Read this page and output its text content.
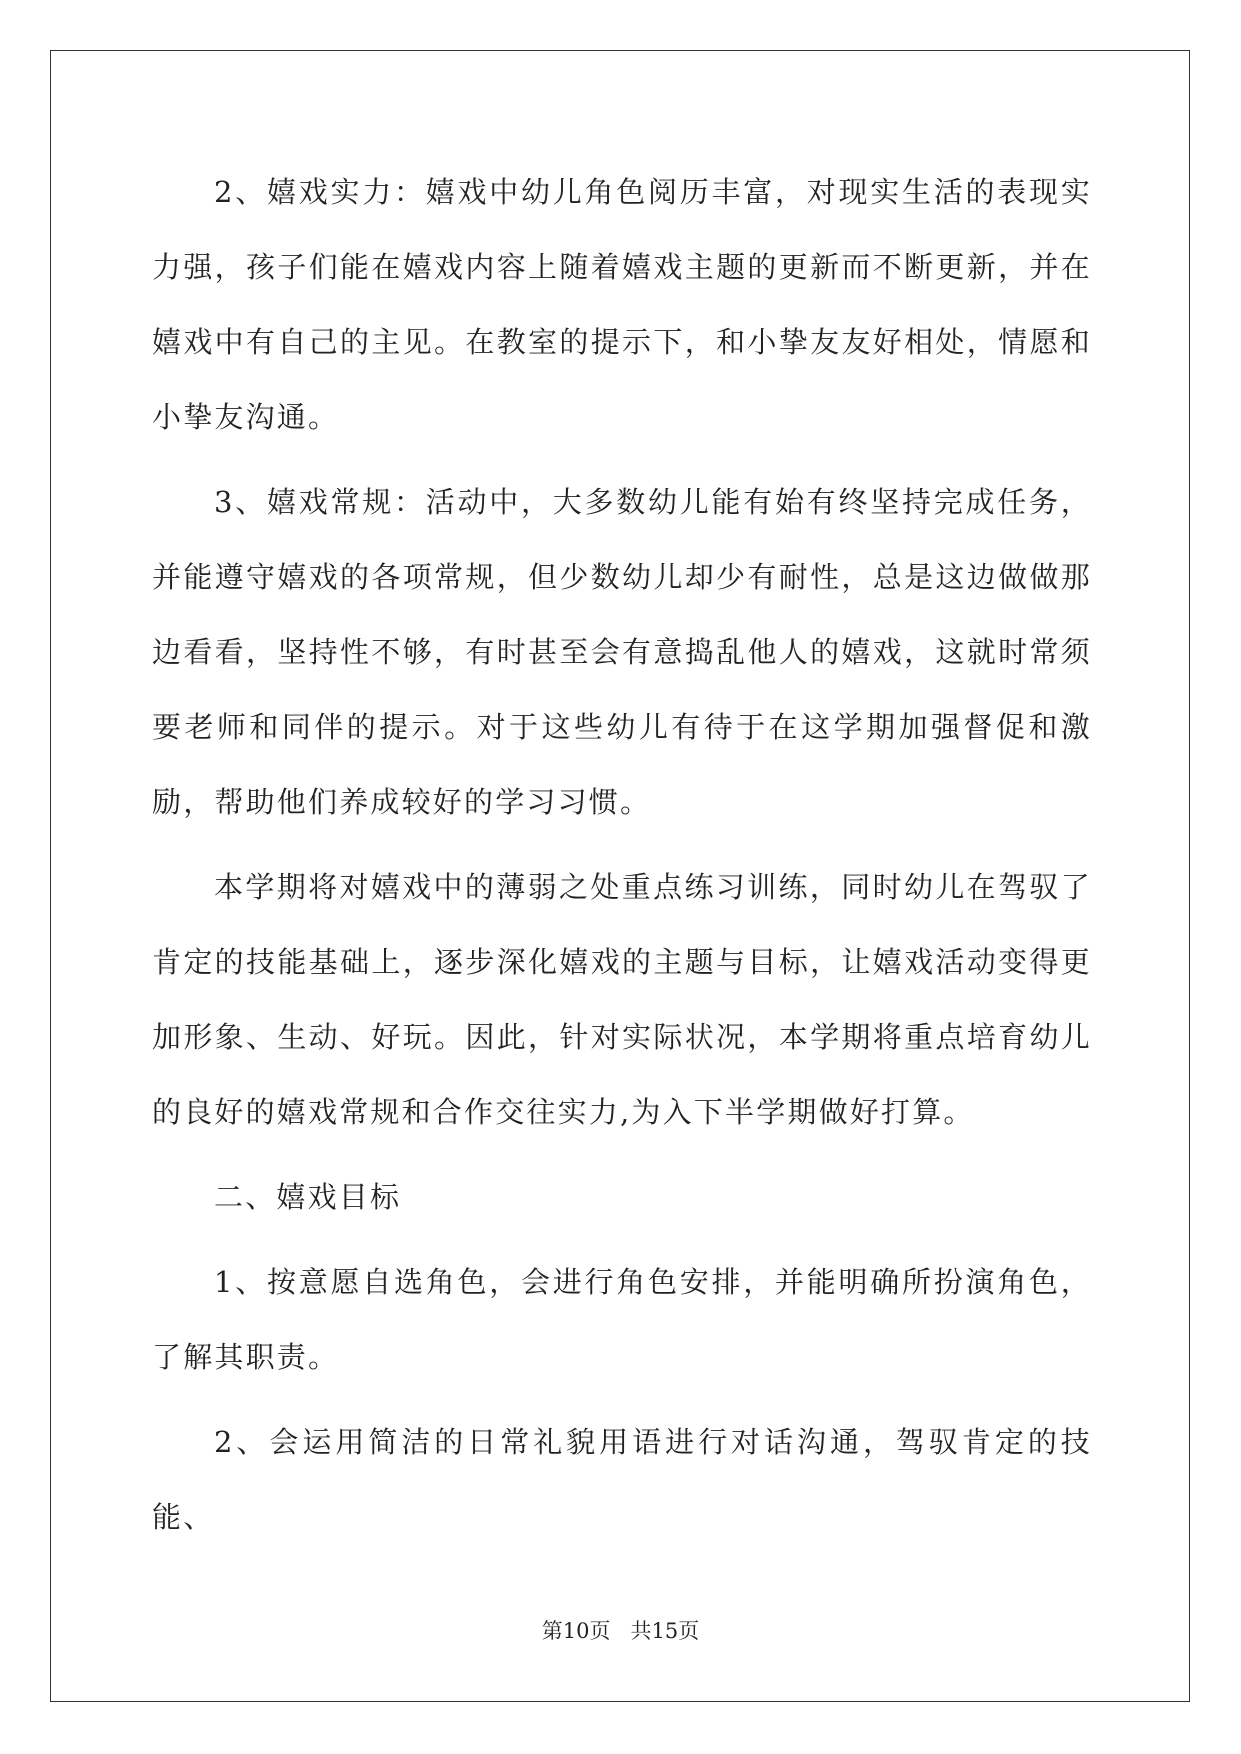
2、嬉戏实力：嬉戏中幼儿角色阅历丰富，对现实生活的表现实力强，孩子们能在嬉戏内容上随着嬉戏主题的更新而不断更新，并在嬉戏中有自己的主见。在教室的提示下，和小挚友友好相处，情愿和小挚友沟通。

3、嬉戏常规：活动中，大多数幼儿能有始有终坚持完成任务，并能遵守嬉戏的各项常规，但少数幼儿却少有耐性，总是这边做做那边看看，坚持性不够，有时甚至会有意捣乱他人的嬉戏，这就时常须要老师和同伴的提示。对于这些幼儿有待于在这学期加强督促和激励，帮助他们养成较好的学习习惯。

本学期将对嬉戏中的薄弱之处重点练习训练，同时幼儿在驾驭了肯定的技能基础上，逐步深化嬉戏的主题与目标，让嬉戏活动变得更加形象、生动、好玩。因此，针对实际状况，本学期将重点培育幼儿的良好的嬉戏常规和合作交往实力,为入下半学期做好打算。

二、嬉戏目标

1、按意愿自选角色，会进行角色安排，并能明确所扮演角色，了解其职责。

2、会运用简洁的日常礼貌用语进行对话沟通，驾驭肯定的技能、

第10页 共15页
